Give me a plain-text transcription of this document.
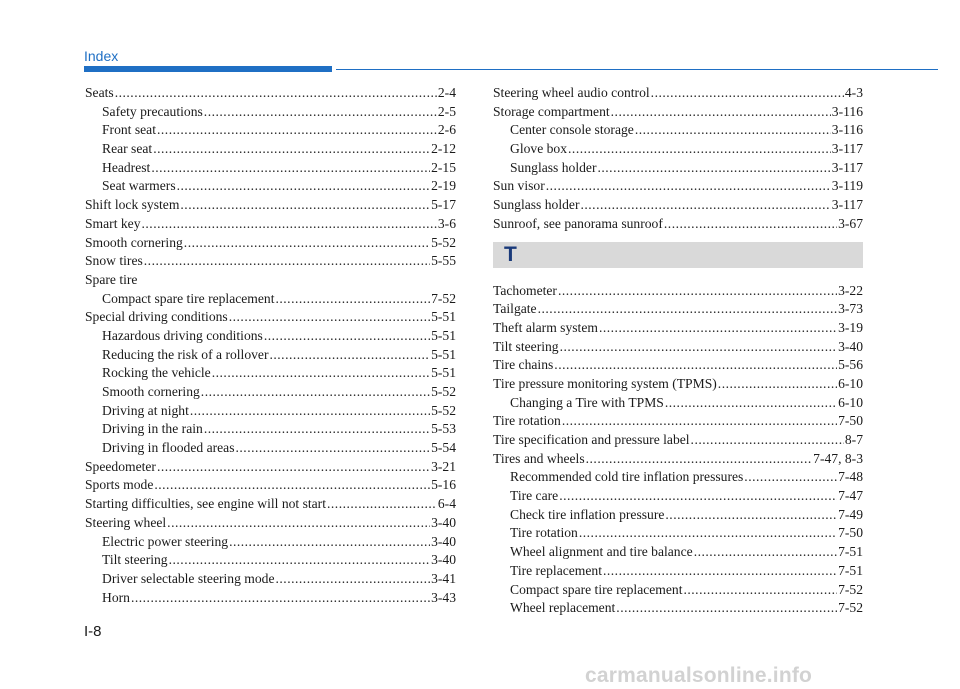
Index
Seats .....	2-4
Safety precautions .....	2-5
Front seat .....	2-6
Rear seat .....	2-12
Headrest .....	2-15
Seat warmers .....	2-19
Shift lock system .....	5-17
Smart key .....	3-6
Smooth cornering .....	5-52
Snow tires .....	5-55
Spare tire
Compact spare tire replacement .....	7-52
Special driving conditions .....	5-51
Hazardous driving conditions .....	5-51
Reducing the risk of a rollover .....	5-51
Rocking the vehicle .....	5-51
Smooth cornering .....	5-52
Driving at night .....	5-52
Driving in the rain .....	5-53
Driving in flooded areas .....	5-54
Speedometer .....	3-21
Sports mode .....	5-16
Starting difficulties, see engine will not start .....	6-4
Steering wheel .....	3-40
Electric power steering .....	3-40
Tilt steering .....	3-40
Driver selectable steering mode .....	3-41
Horn .....	3-43
Steering wheel audio control .....	4-3
Storage compartment .....	3-116
Center console storage .....	3-116
Glove box .....	3-117
Sunglass holder .....	3-117
Sun visor .....	3-119
Sunglass holder .....	3-117
Sunroof, see panorama sunroof .....	3-67
T
Tachometer .....	3-22
Tailgate .....	3-73
Theft alarm system .....	3-19
Tilt steering .....	3-40
Tire chains .....	5-56
Tire pressure monitoring system (TPMS) .....	6-10
Changing a Tire with TPMS .....	6-10
Tire rotation .....	7-50
Tire specification and pressure label .....	8-7
Tires and wheels .....	7-47, 8-3
Recommended cold tire inflation pressures .....	7-48
Tire care .....	7-47
Check tire inflation pressure .....	7-49
Tire rotation .....	7-50
Wheel alignment and tire balance .....	7-51
Tire replacement .....	7-51
Compact spare tire replacement .....	7-52
Wheel replacement .....	7-52
I-8
carmanualsonline.info
